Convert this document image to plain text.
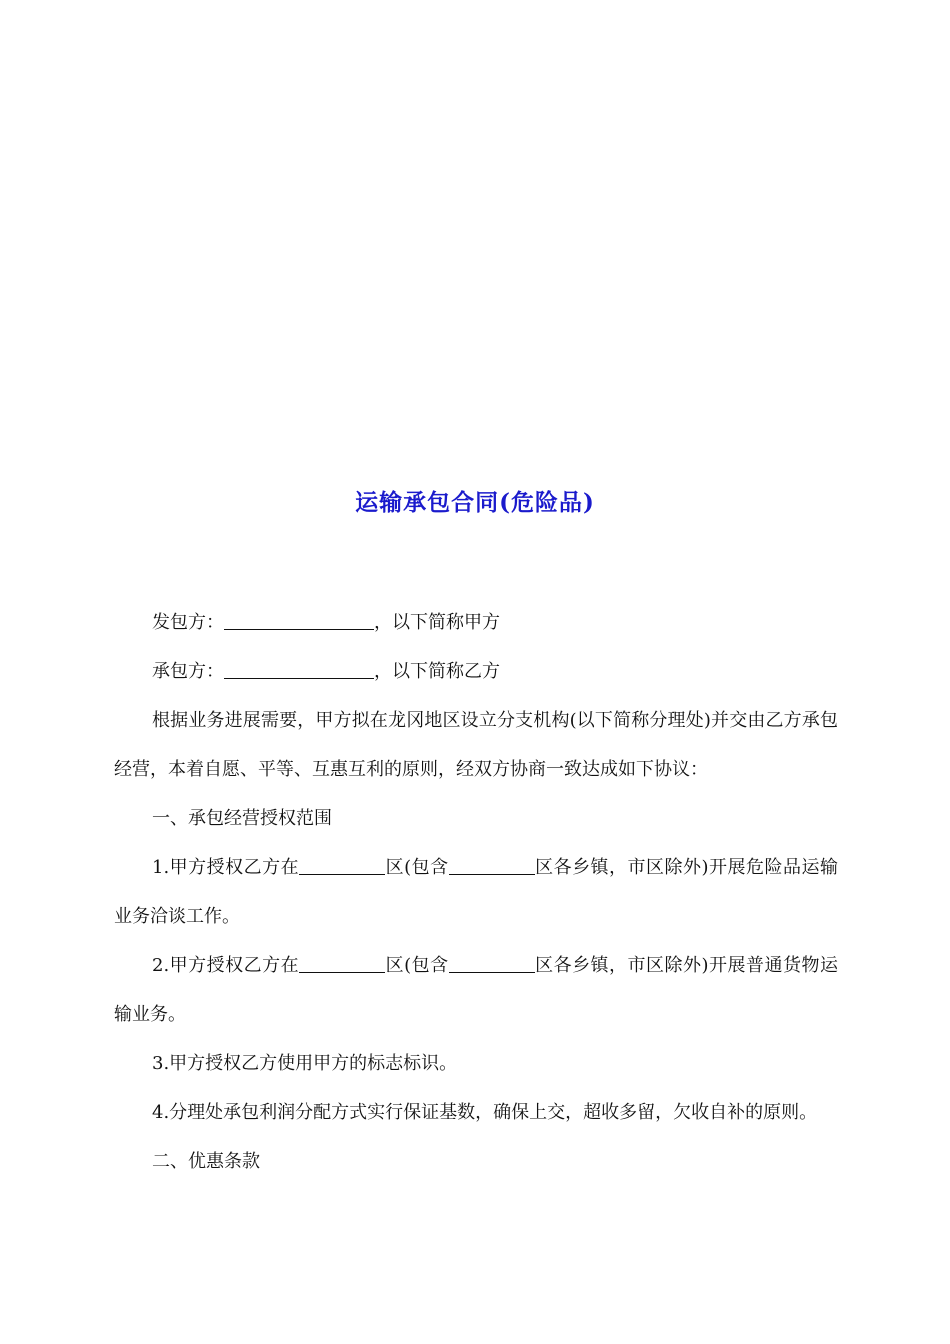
运输承包合同(危险品)

发包方：	，以下简称甲方

承包方：	，以下简称乙方

根据业务进展需要，甲方拟在龙冈地区设立分支机构(以下简称分理处)并交由乙方承包经营，本着自愿、平等、互惠互利的原则，经双方协商一致达成如下协议：

一、承包经营授权范围

1.甲方授权乙方在	区(包含	区各乡镇，市区除外)开展危险品运输业务洽谈工作。

2.甲方授权乙方在	区(包含	区各乡镇，市区除外)开展普通货物运输业务。

3.甲方授权乙方使用甲方的标志标识。

4.分理处承包利润分配方式实行保证基数，确保上交，超收多留，欠收自补的原则。

二、优惠条款
